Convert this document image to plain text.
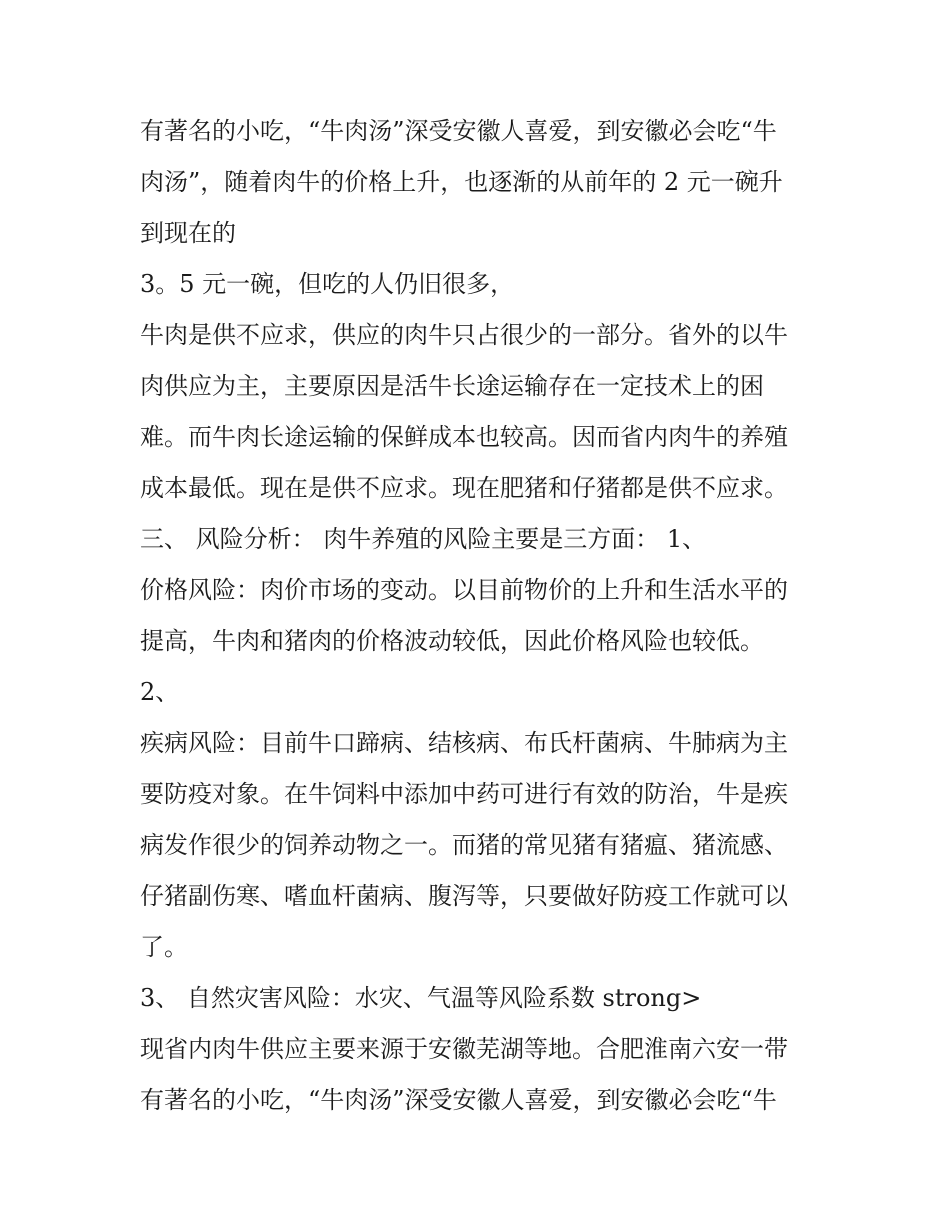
有著名的小吃，“牛肉汤”深受安徽人喜爱，到安徽必会吃“牛
肉汤”，随着肉牛的价格上升，也逐渐的从前年的 2 元一碗升
到现在的
3。5 元一碗，但吃的人仍旧很多，
牛肉是供不应求，供应的肉牛只占很少的一部分。省外的以牛
肉供应为主，主要原因是活牛长途运输存在一定技术上的困
难。而牛肉长途运输的保鲜成本也较高。因而省内肉牛的养殖
成本最低。现在是供不应求。现在肥猪和仔猪都是供不应求。
三、 风险分析： 肉牛养殖的风险主要是三方面： 1、
价格风险：肉价市场的变动。以目前物价的上升和生活水平的
提高，牛肉和猪肉的价格波动较低，因此价格风险也较低。
2、
疾病风险：目前牛口蹄病、结核病、布氏杆菌病、牛肺病为主
要防疫对象。在牛饲料中添加中药可进行有效的防治，牛是疾
病发作很少的饲养动物之一。而猪的常见猪有猪瘟、猪流感、
仔猪副伤寒、嗜血杆菌病、腹泻等，只要做好防疫工作就可以
了。
3、 自然灾害风险：水灾、气温等风险系数 strong>
现省内肉牛供应主要来源于安徽芜湖等地。合肥淮南六安一带
有著名的小吃，“牛肉汤”深受安徽人喜爱，到安徽必会吃“牛
